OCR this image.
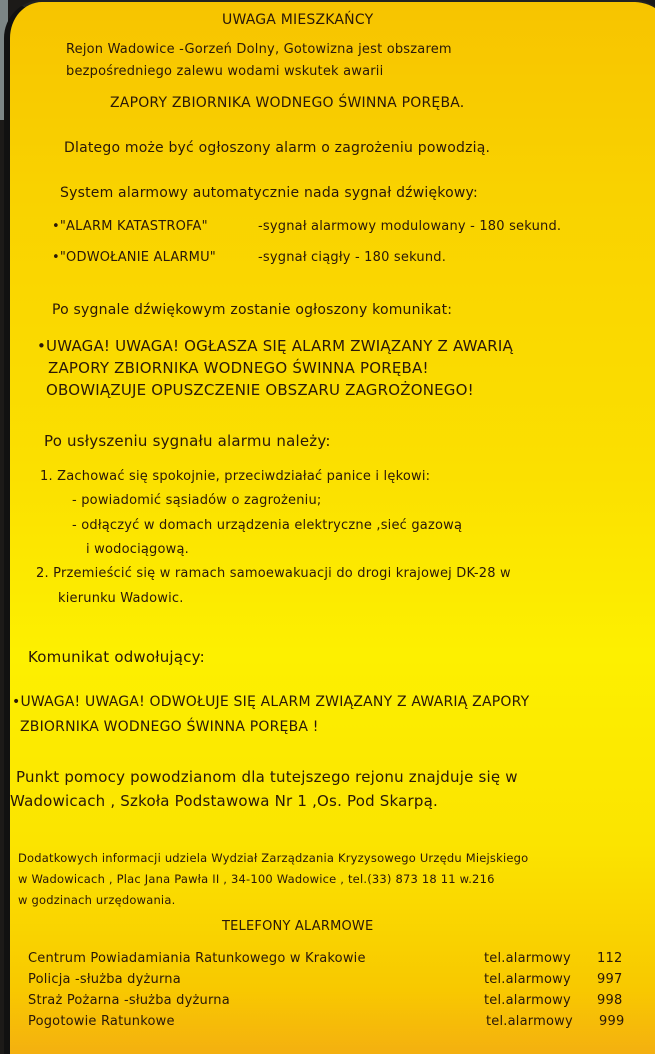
UWAGA MIESZKAŃCY
Rejon Wadowice -Gorzeń Dolny, Gotowizna jest obszarem
bezpośredniego zalewu wodami wskutek awarii
ZAPORY ZBIORNIKA WODNEGO ŚWINNA PORĘBA.
Dlatego może być ogłoszony alarm o zagrożeniu powodzią.
System alarmowy automatycznie nada sygnał dźwiękowy:
•"ALARM KATASTROFA"	-sygnał alarmowy modulowany - 180 sekund.
•"ODWOŁANIE ALARMU"	-sygnał ciągły - 180 sekund.
Po sygnale dźwiękowym zostanie ogłoszony komunikat:
•UWAGA! UWAGA! OGŁASZA SIĘ ALARM ZWIĄZANY Z AWARIĄ
ZAPORY ZBIORNIKA WODNEGO ŚWINNA PORĘBA!
OBOWIĄZUJE OPUSZCZENIE OBSZARU ZAGROŻONEGO!
Po usłyszeniu sygnału alarmu należy:
1. Zachować się spokojnie, przeciwdziałać panice i lękowi:
- powiadomić sąsiadów o zagrożeniu;
- odłączyć w domach urządzenia elektryczne ,sieć gazową
i wodociągową.
2. Przemieścić się w ramach samoewakuacji do drogi krajowej DK-28 w
kierunku Wadowic.
Komunikat odwołujący:
•UWAGA! UWAGA! ODWOŁUJE SIĘ ALARM ZWIĄZANY Z AWARIĄ ZAPORY
ZBIORNIKA WODNEGO ŚWINNA PORĘBA !
Punkt pomocy powodzianom dla tutejszego rejonu znajduje się w
Wadowicach , Szkoła Podstawowa Nr 1 ,Os. Pod Skarpą.
Dodatkowych informacji udziela Wydział Zarządzania Kryzysowego Urzędu Miejskiego
w Wadowicach , Plac Jana Pawła II , 34-100 Wadowice , tel.(33) 873 18 11 w.216
w godzinach urzędowania.
TELEFONY ALARMOWE
Centrum Powiadamiania Ratunkowego w Krakowie	tel.alarmowy 112
Policja -służba dyżurna	tel.alarmowy 997
Straż Pożarna -służba dyżurna	tel.alarmowy 998
Pogotowie Ratunkowe	tel.alarmowy 999
